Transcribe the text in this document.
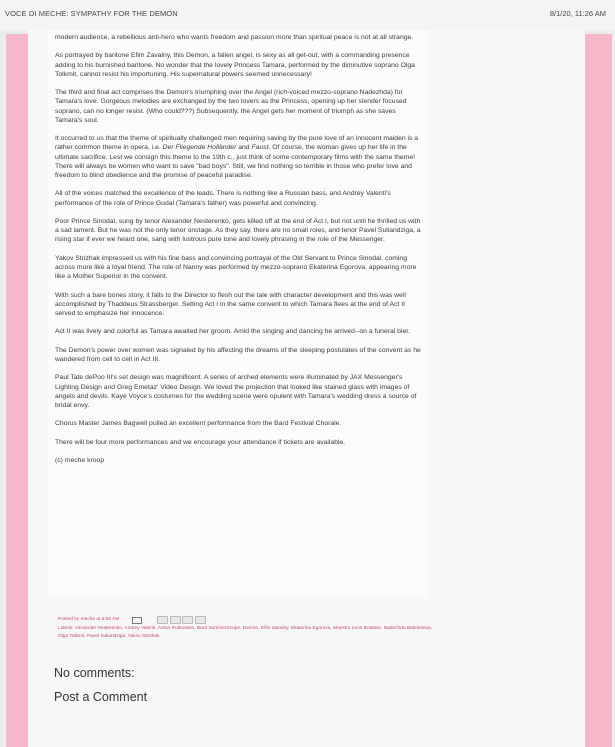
VOCE DI MECHE: SYMPATHY FOR THE DEMON	8/1/20, 11:26 AM

modern audience, a rebellious anti-hero who wants freedom and passion more than spiritual peace is not at all strange.

As portrayed by baritone Efim Zavalny, this Demon, a fallen angel, is sexy as all get-out, with a commanding presence adding to his burnished baritone. No wonder that the lovely Princess Tamara, performed by the diminutive soprano Olga Tolkmit, cannot resist his importuning. His supernatural powers seemed unnecessary!

The third and final act comprises the Demon's triumphing over the Angel (rich-voiced mezzo-soprano Nadezhda) for Tamara's love. Gorgeous melodies are exchanged by the two lovers as the Princess, opening up her slender focused soprano, can no longer resist. (Who could???) Subsequently, the Angel gets her moment of triumph as she saves Tamara's soul.

It occurred to us that the theme of spiritually challenged men requiring saving by the pure love of an innocent maiden is a rather common theme in opera, i.e. Der Fliegende Holländer and Faust. Of course, the woman gives up her life in the ultimate sacrifice. Lest we consign this theme to the 19th c., just think of some contemporary films with the same theme! There will always be women who want to save "bad boys". Still, we find nothing so terrible in those who prefer love and freedom to blind obedience and the promise of peaceful paradise.

All of the voices matched the excellence of the leads. There is nothing like a Russian bass, and Andrey Valenti's performance of the role of Prince Gudal (Tamara's father) was powerful and convincing.

Poor Prince Sinodal, sung by tenor Alexander Nesterenko, gets killed off at the end of Act I, but not until he thrilled us with a sad lament. But he was not the only tenor onstage. As they say, there are no small roles, and tenor Pavel Suliandziga, a rising star if ever we heard one, sang with lustrous pure tone and lovely phrasing in the role of the Messenger.

Yakov Strizhak impressed us with his fine bass and convincing portrayal of the Old Servant to Prince Sinodal, coming across more like a loyal friend. The role of Nanny was performed by mezzo-soprano Ekaterina Egorova, appearing more like a Mother Superior in the convent.

With such a bare bones story, it falls to the Director to flesh out the tale with character development and this was well accomplished by Thaddeus Strassberger. Setting Act I in the same convent to which Tamara flees at the end of Act II served to emphasize her innocence.

Act II was lively and colorful as Tamara awaited her groom. Amid the singing and dancing he arrived--on a funeral bier.

The Demon's power over women was signaled by his affecting the dreams of the sleeping postulates of the convent as he wandered from cell to cell in Act III.

Paul Tate dePoo III's set design was magnificent. A series of arched elements were illuminated by JAX Messenger's Lighting Design and Greg Emetaz' Video Design. We loved the projection that looked like stained glass with images of angels and devils. Kaye Voyce's costumes for the wedding scene were opulent with Tamara's wedding dress a source of bridal envy.

Chorus Master James Bagwell pulled an excellent performance from the Bard Festival Chorale.

There will be four more performances and we encourage your attendance if tickets are available.

(c) meche kroop

Posted by meche at 5:55 AM
Labels: Alexander Nesterenko, Andrey Valenti, Anton Rubinstein, Bard SummerScope, Demon, Efim Zavalny, Ekaterina Egorova, Maestro Leon Botstein, Nadezhda Babintseva, Olga Tolkmit, Pavel Suliandziga, Yakov Strizhak
No comments:
Post a Comment
